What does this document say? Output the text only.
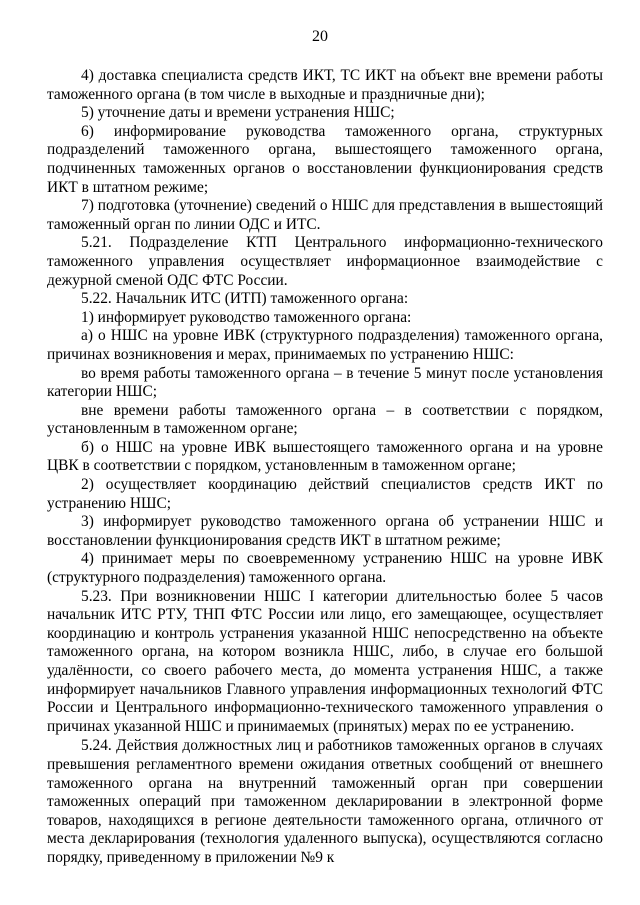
20

4) доставка специалиста средств ИКТ, ТС ИКТ на объект вне времени работы таможенного органа (в том числе в выходные и праздничные дни);

5) уточнение даты и времени устранения НШС;

6) информирование руководства таможенного органа, структурных подразделений таможенного органа, вышестоящего таможенного органа, подчиненных таможенных органов о восстановлении функционирования средств ИКТ в штатном режиме;

7) подготовка (уточнение) сведений о НШС для представления в вышестоящий таможенный орган по линии ОДС и ИТС.

5.21. Подразделение КТП Центрального информационно-технического таможенного управления осуществляет информационное взаимодействие с дежурной сменой ОДС ФТС России.

5.22. Начальник ИТС (ИТП) таможенного органа:

1) информирует руководство таможенного органа:

а) о НШС на уровне ИВК (структурного подразделения) таможенного органа, причинах возникновения и мерах, принимаемых по устранению НШС:

во время работы таможенного органа – в течение 5 минут после установления категории НШС;

вне времени работы таможенного органа – в соответствии с порядком, установленным в таможенном органе;

б) о НШС на уровне ИВК вышестоящего таможенного органа и на уровне ЦВК в соответствии с порядком, установленным в таможенном органе;

2) осуществляет координацию действий специалистов средств ИКТ по устранению НШС;

3) информирует руководство таможенного органа об устранении НШС и восстановлении функционирования средств ИКТ в штатном режиме;

4) принимает меры по своевременному устранению НШС на уровне ИВК (структурного подразделения) таможенного органа.

5.23. При возникновении НШС I категории длительностью более 5 часов начальник ИТС РТУ, ТНП ФТС России или лицо, его замещающее, осуществляет координацию и контроль устранения указанной НШС непосредственно на объекте таможенного органа, на котором возникла НШС, либо, в случае его большой удалённости, со своего рабочего места, до момента устранения НШС, а также информирует начальников Главного управления информационных технологий ФТС России и Центрального информационно-технического таможенного управления о причинах указанной НШС и принимаемых (принятых) мерах по ее устранению.

5.24. Действия должностных лиц и работников таможенных органов в случаях превышения регламентного времени ожидания ответных сообщений от внешнего таможенного органа на внутренний таможенный орган при совершении таможенных операций при таможенном декларировании в электронной форме товаров, находящихся в регионе деятельности таможенного органа, отличного от места декларирования (технология удаленного выпуска), осуществляются согласно порядку, приведенному в приложении №9 к
